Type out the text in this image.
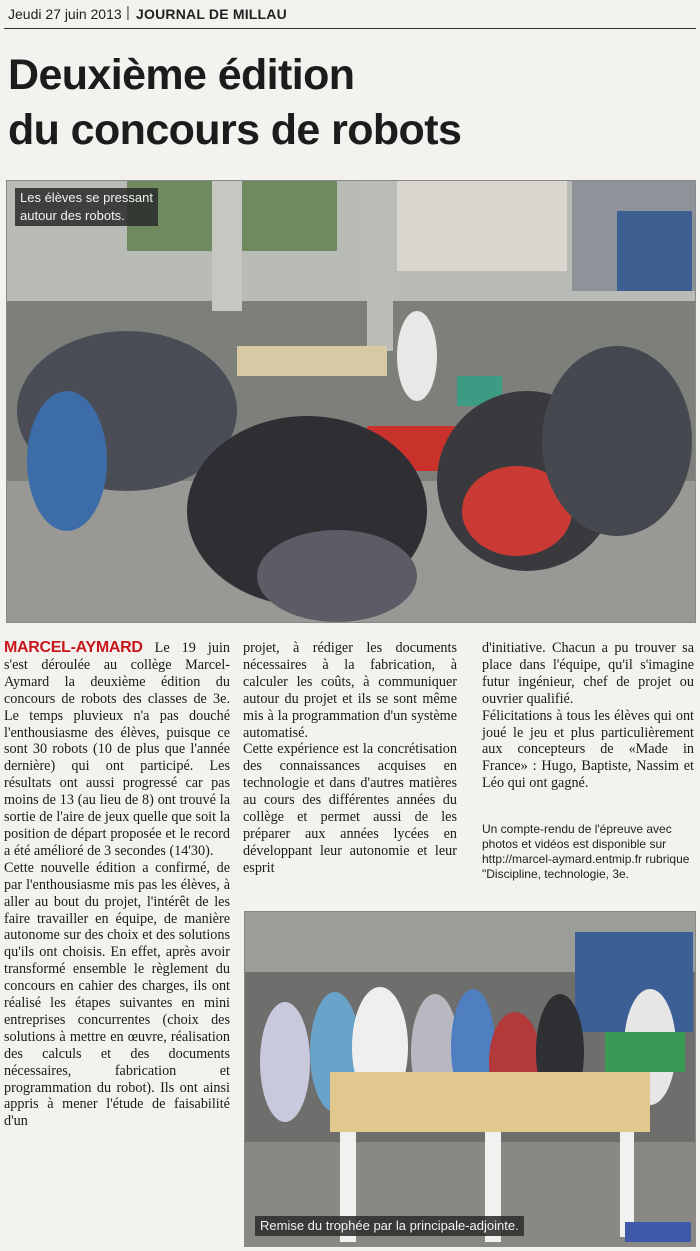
Jeudi 27 juin 2013 | JOURNAL DE MILLAU
Deuxième édition
du concours de robots
Les élèves se pressant
autour des robots.

MARCEL-AYMARD Le 19 juin s'est déroulée au collège Marcel-Aymard la deuxième édition du concours de robots des classes de 3e. Le temps pluvieux n'a pas douché l'enthousiasme des élèves, puisque ce sont 30 robots (10 de plus que l'année dernière) qui ont participé. Les résultats ont aussi progressé car pas moins de 13 (au lieu de 8) ont trouvé la sortie de l'aire de jeux quelle que soit la position de départ proposée et le record a été amélioré de 3 secondes (14'30).

Cette nouvelle édition a confirmé, de par l'enthousiasme mis pas les élèves, à aller au bout du projet, l'intérêt de les faire travailler en équipe, de manière autonome sur des choix et des solutions qu'ils ont choisis. En effet, après avoir transformé ensemble le règlement du concours en cahier des charges, ils ont réalisé les étapes suivantes en mini entreprises concurrentes (choix des solutions à mettre en œuvre, réalisation des calculs et des documents nécessaires, fabrication et programmation du robot). Ils ont ainsi appris à mener l'étude de faisabilité d'un

projet, à rédiger les documents nécessaires à la fabrication, à calculer les coûts, à communiquer autour du projet et ils se sont même mis à la programmation d'un système automatisé.

Cette expérience est la concrétisation des connaissances acquises en technologie et dans d'autres matières au cours des différentes années du collège et permet aussi de les préparer aux années lycées en développant leur autonomie et leur esprit

d'initiative. Chacun a pu trouver sa place dans l'équipe, qu'il s'imagine futur ingénieur, chef de projet ou ouvrier qualifié.

Félicitations à tous les élèves qui ont joué le jeu et plus particulièrement aux concepteurs de «Made in France» : Hugo, Baptiste, Nassim et Léo qui ont gagné.

Un compte-rendu de l'épreuve avec photos et vidéos est disponible sur http://marcel-aymard.entmip.fr rubrique "Discipline, technologie, 3e.

Remise du trophée par la principale-adjointe.
